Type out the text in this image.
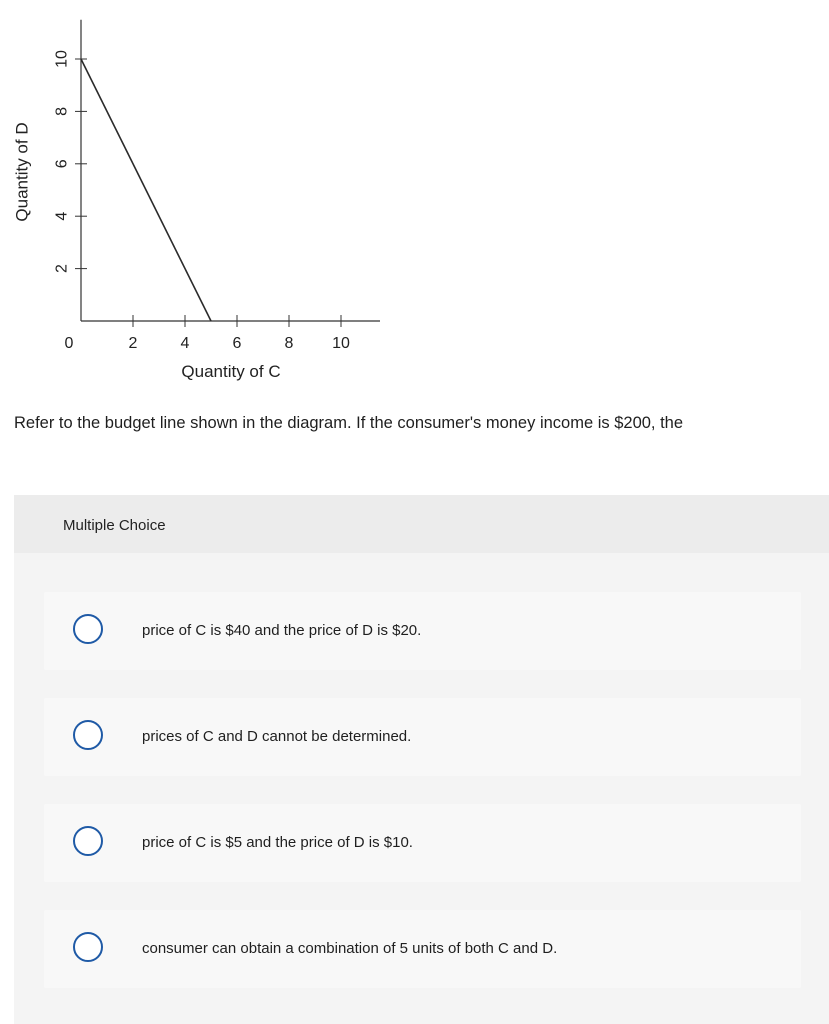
2	4	6	8 10
2
4
6
8
10
0
Quantity of C
Quantity of D
Refer to the budget line shown in the diagram. If the consumer's money income is $200, the
Multiple Choice
price of C is $40 and the price of D is $20.
prices of C and D cannot be determined.
price of C is $5 and the price of D is $10.
consumer can obtain a combination of 5 units of both C and D.
